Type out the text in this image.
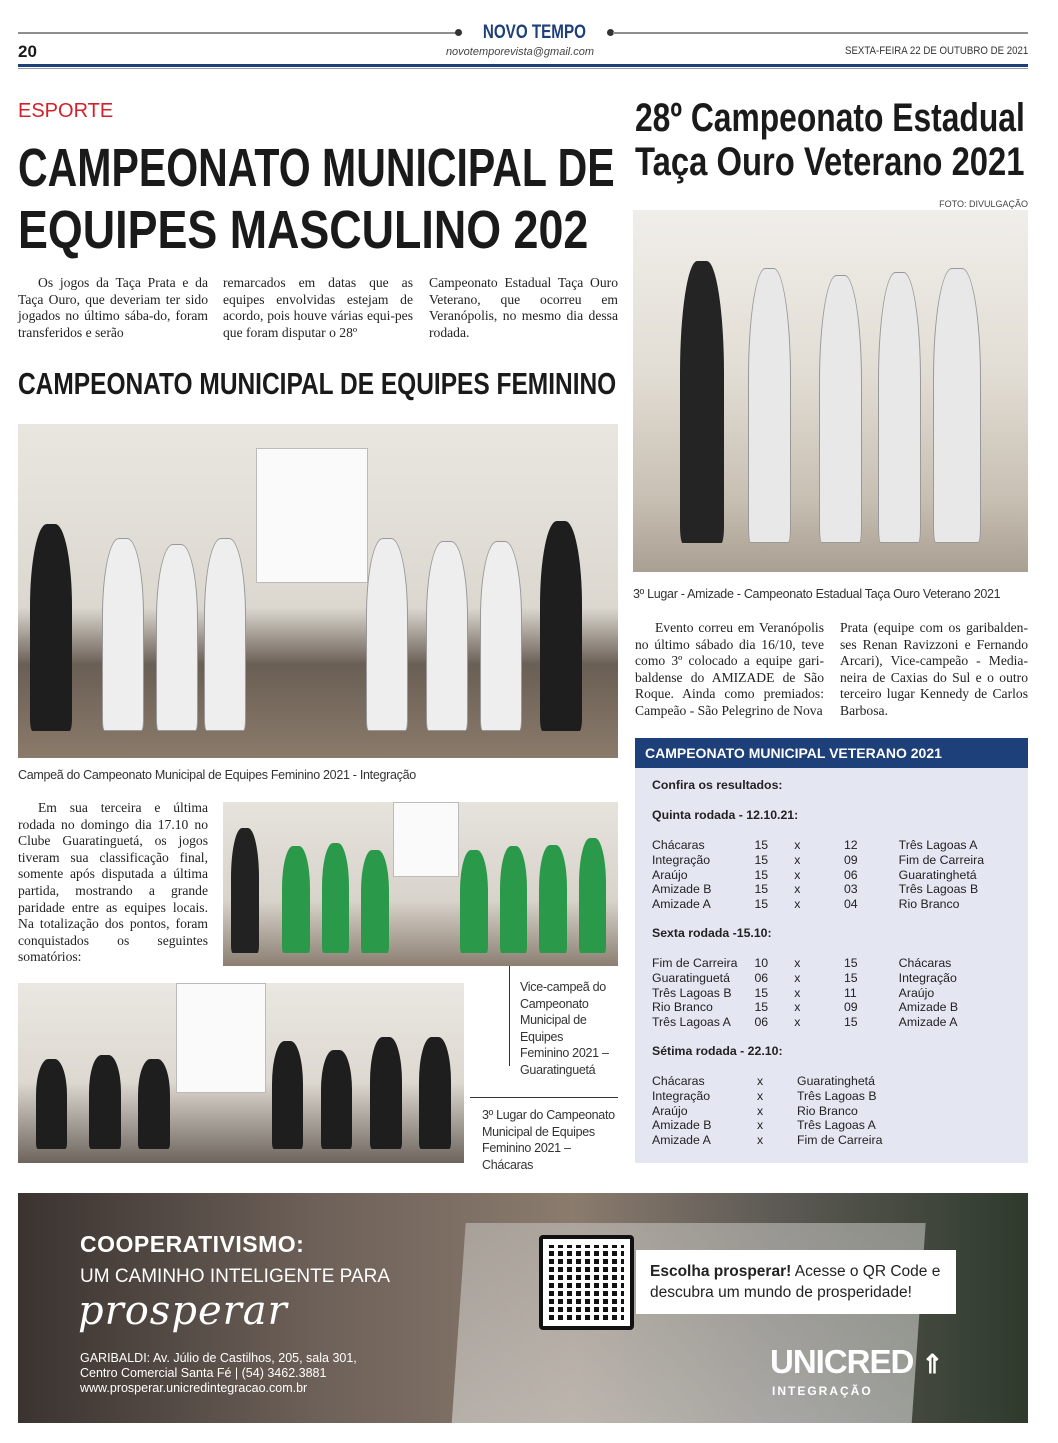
NOVO TEMPO
20	novotemporevista@gmail.com	SEXTA-FEIRA 22 DE OUTUBRO DE 2021
ESPORTE
CAMPEONATO MUNICIPAL DE
EQUIPES MASCULINO 202

Os jogos da Taça Prata e da Taça Ouro, que deveriam ter sido jogados no último sába-do, foram transferidos e serão

remarcados em datas que as equipes envolvidas estejam de acordo, pois houve várias equi-pes que foram disputar o 28º

Campeonato Estadual Taça Ouro Veterano, que ocorreu em Veranópolis, no mesmo dia dessa rodada.

CAMPEONATO MUNICIPAL DE EQUIPES FEMININO
Campeã do Campeonato Municipal de Equipes Feminino 2021 - Integração

Em sua terceira e última rodada no domingo dia 17.10 no Clube Guaratinguetá, os jogos tiveram sua classificação final, somente após disputada a última partida, mostrando a grande paridade entre as equipes locais. Na totalização dos pontos, foram conquistados os seguintes somatórios:

Vice-campeã do Campeonato Municipal de Equipes Feminino 2021 – Guaratinguetá
3º Lugar do Campeonato Municipal de Equipes Feminino 2021 – Chácaras
28º Campeonato Estadual
Taça Ouro Veterano 2021
FOTO: DIVULGAÇÃO
3º Lugar - Amizade - Campeonato Estadual Taça Ouro Veterano 2021

Evento correu em Veranópolis no último sábado dia 16/10, teve como 3º colocado a equipe gari-baldense do AMIZADE de São Roque. Ainda como premiados: Campeão - São Pelegrino de Nova

Prata (equipe com os garibalden-ses Renan Ravizzoni e Fernando Arcari), Vice-campeão - Media-neira de Caxias do Sul e o outro terceiro lugar Kennedy de Carlos Barbosa.

CAMPEONATO MUNICIPAL VETERANO 2021
Confira os resultados:
Quinta rodada - 12.10.21:
Chácaras	15	x	12	Três Lagoas A
Integração	15	x	09	Fim de Carreira
Araújo	15	x	06	Guaratinghetá
Amizade B	15	x	03	Três Lagoas B
Amizade A	15	x	04	Rio Branco
Sexta rodada -15.10:
Fim de Carreira	10	x	15	Chácaras
Guaratinguetá	06	x	15	Integração
Três Lagoas B	15	x	11	Araújo
Rio Branco	15	x	09	Amizade B
Três Lagoas A	06	x	15	Amizade A
Sétima rodada - 22.10:
Chácaras	x	Guaratinghetá
Integração	x	Três Lagoas B
Araújo	x	Rio Branco
Amizade B	x	Três Lagoas A
Amizade A	x	Fim de Carreira
COOPERATIVISMO:
UM CAMINHO INTELIGENTE PARA
prosperar
GARIBALDI: Av. Júlio de Castilhos, 205, sala 301,
Centro Comercial Santa Fé | (54) 3462.3881
www.prosperar.unicredintegracao.com.br
Escolha prosperar! Acesse o QR Code e descubra um mundo de prosperidade!
UNICRED ⇑
INTEGRAÇÃO
